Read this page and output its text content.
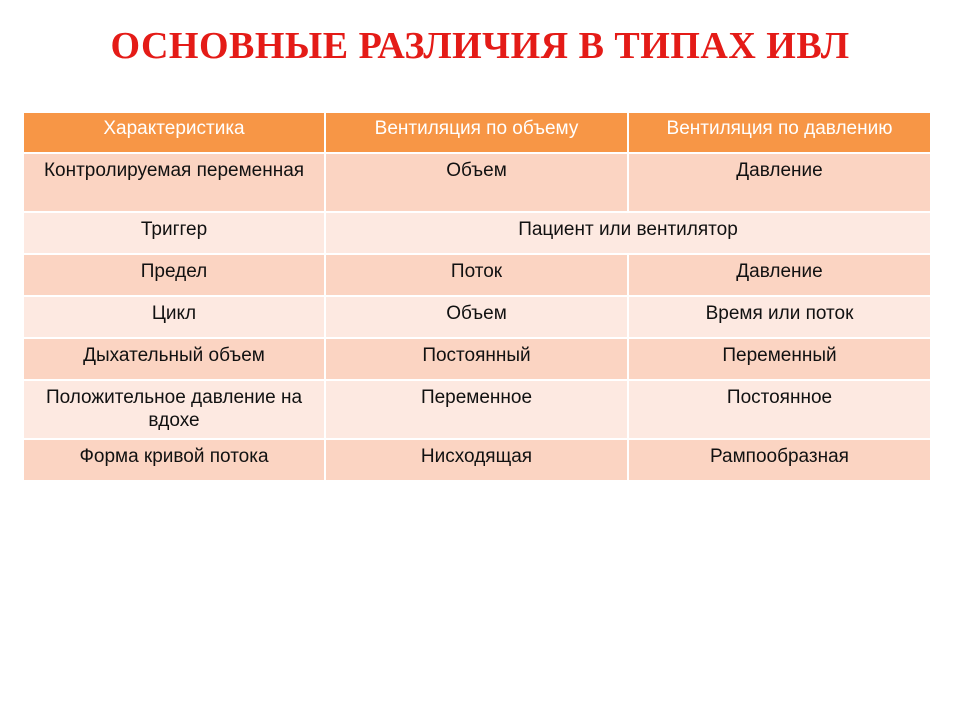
ОСНОВНЫЕ РАЗЛИЧИЯ В ТИПАХ ИВЛ
Характеристика	Вентиляция по объему	Вентиляция по давлению
Контролируемая переменная	Объем	Давление
Триггер	Пациент или вентилятор	
Предел	Поток	Давление
Цикл	Объем	Время или поток
Дыхательный объем	Постоянный	Переменный
Положительное давление на вдохе	Переменное	Постоянное
Форма кривой потока	Нисходящая	Рампообразная
